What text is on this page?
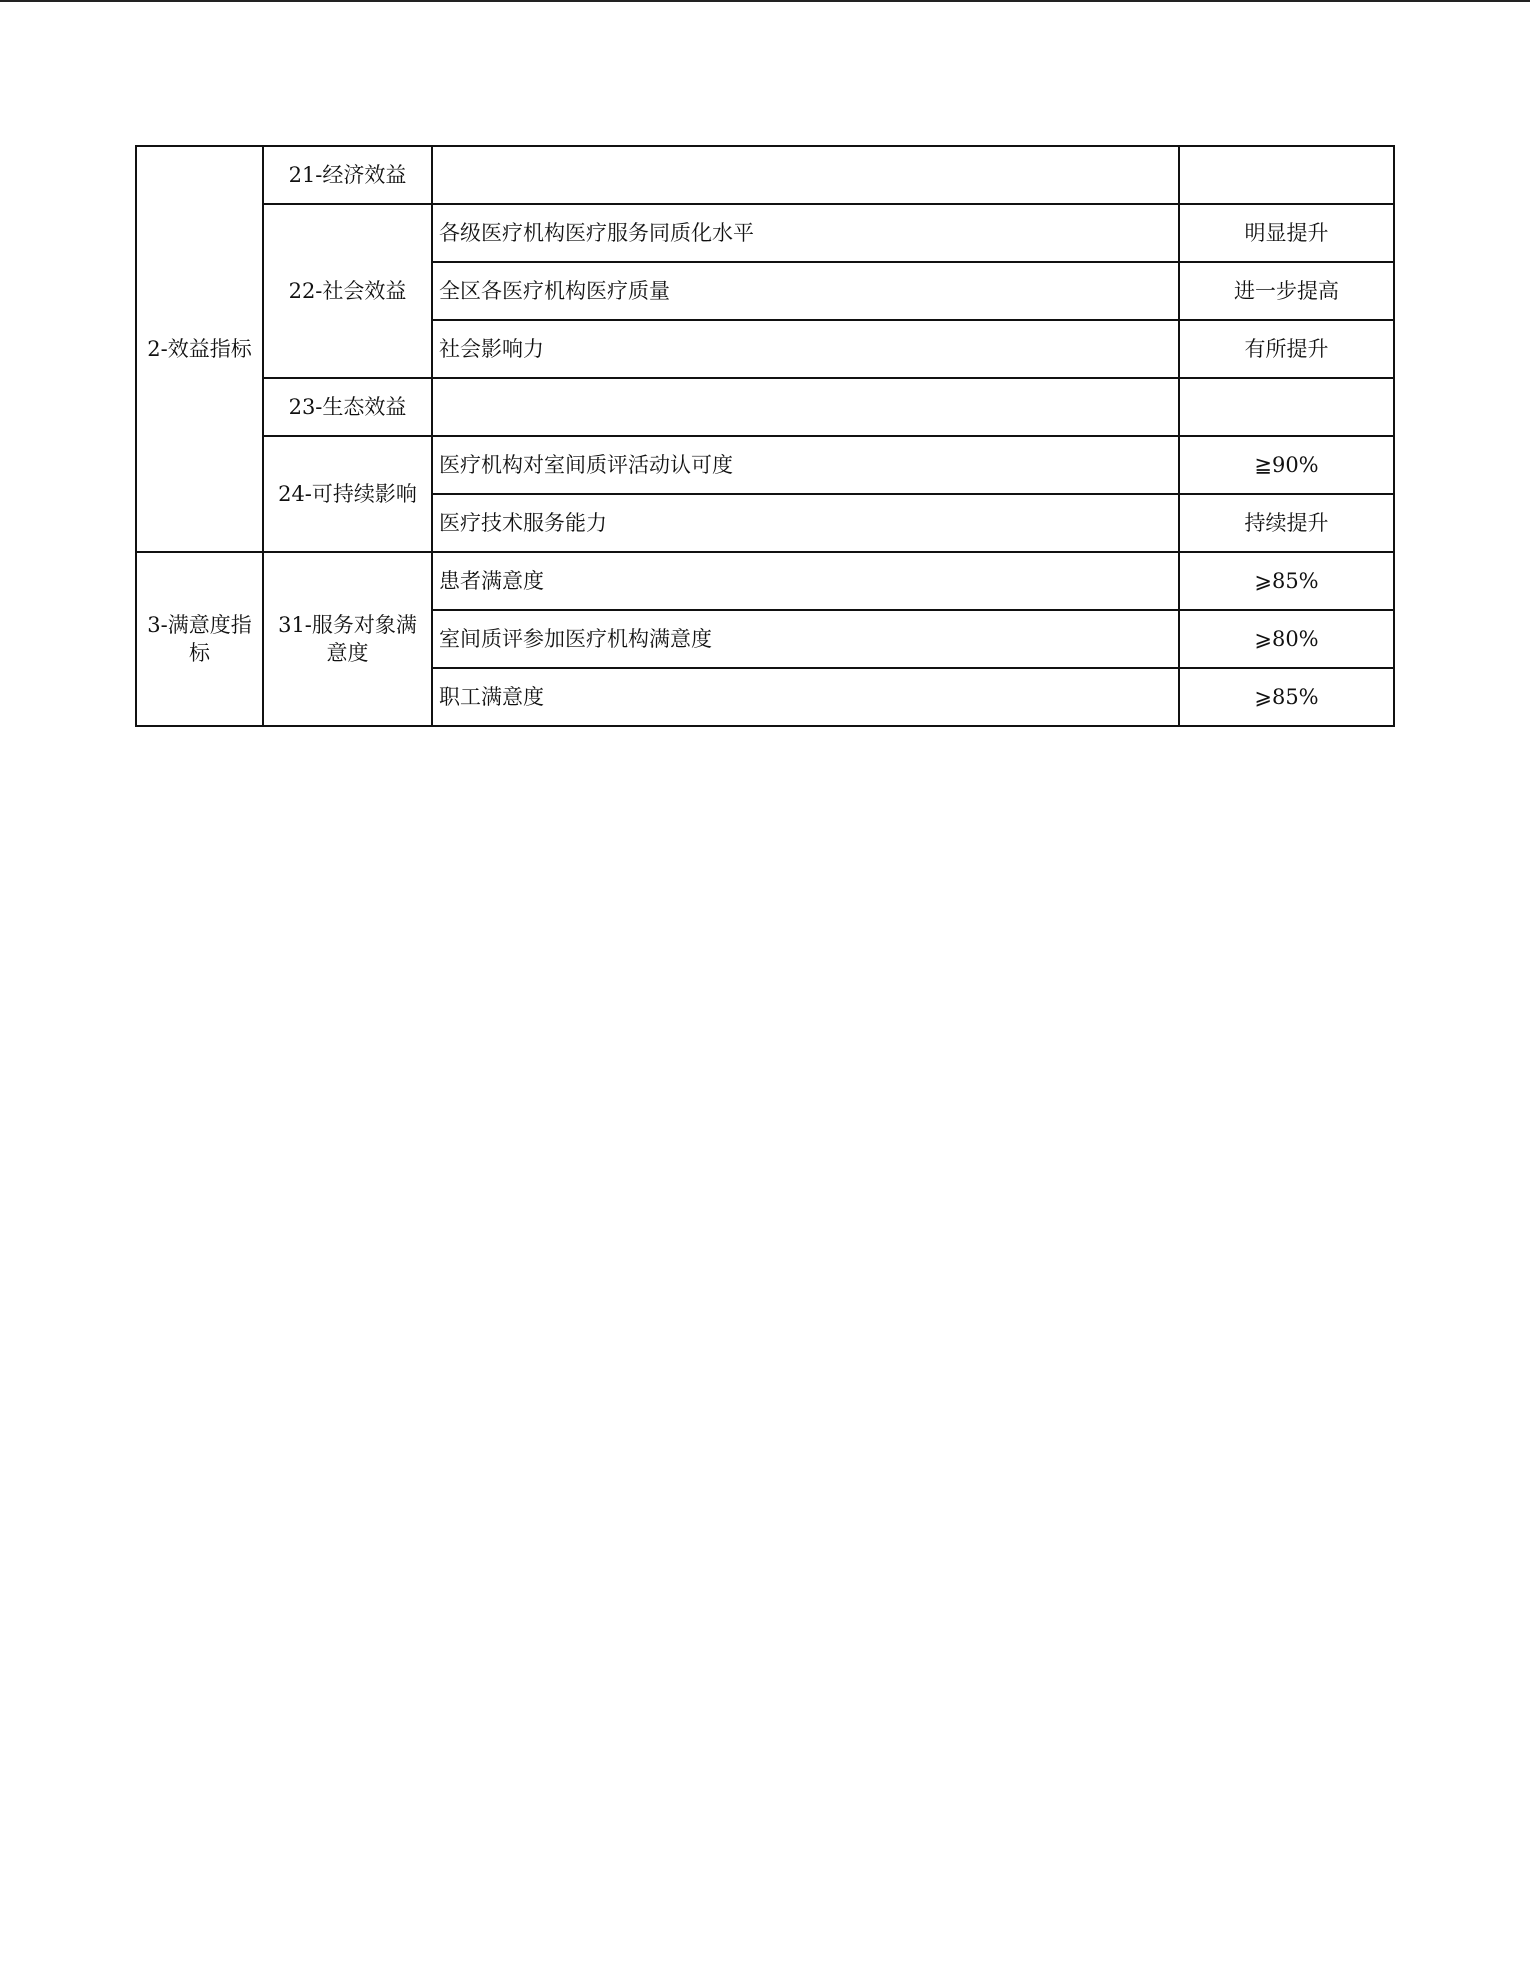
2-效益指标	21-经济效益		
	22-社会效益	各级医疗机构医疗服务同质化水平	明显提升
		全区各医疗机构医疗质量	进一步提高
		社会影响力	有所提升
	23-生态效益		
	24-可持续影响	医疗机构对室间质评活动认可度	≧90%
		医疗技术服务能力	持续提升
3-满意度指标	31-服务对象满意度	患者满意度	⩾85%
		室间质评参加医疗机构满意度	⩾80%
		职工满意度	⩾85%
